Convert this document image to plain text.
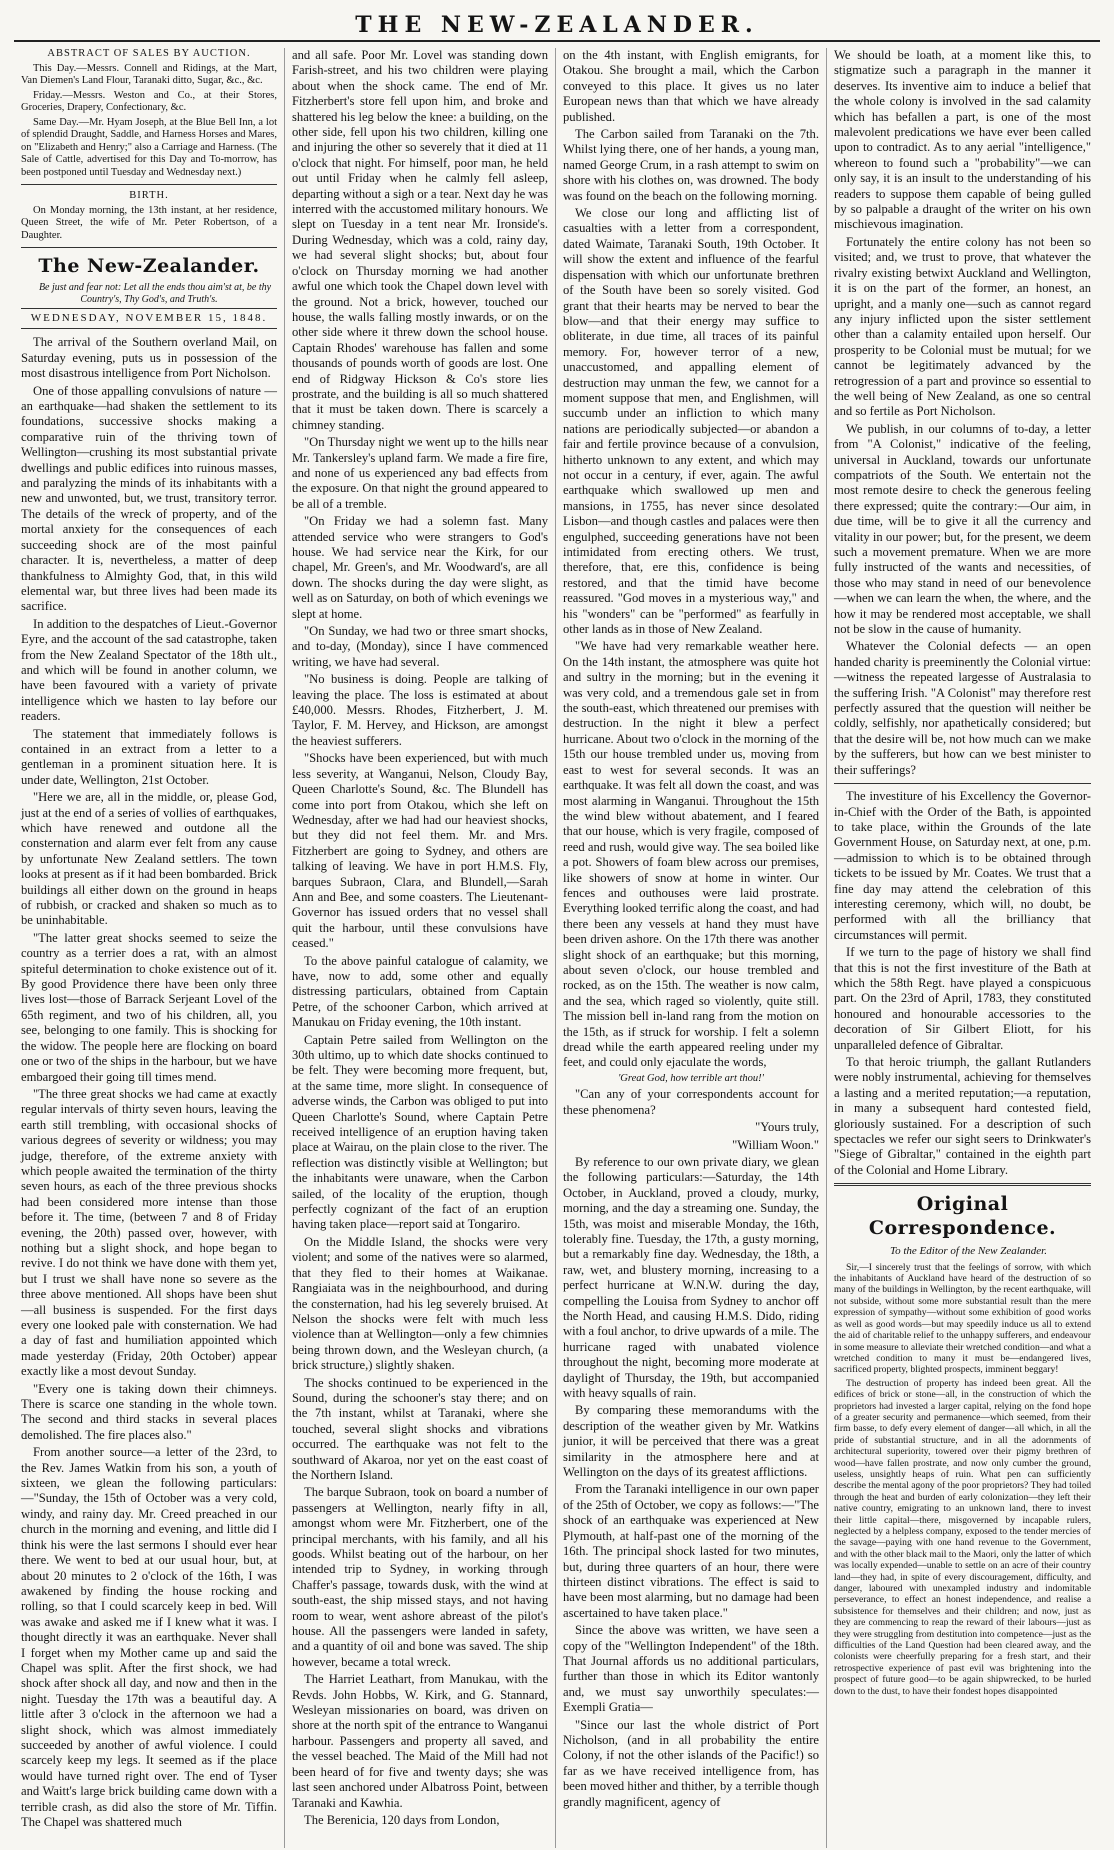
THE NEW-ZEALANDER.

ABSTRACT OF SALES BY AUCTION.

This Day.—Messrs. Connell and Ridings, at the Mart, Van Diemen's Land Flour, Taranaki ditto, Sugar, &c., &c.

Friday.—Messrs. Weston and Co., at their Stores, Groceries, Drapery, Confectionary, &c.

Same Day.—Mr. Hyam Joseph, at the Blue Bell Inn, a lot of splendid Draught, Saddle, and Harness Horses and Mares, on "Elizabeth and Henry;" also a Carriage and Harness. (The Sale of Cattle, advertised for this Day and To-morrow, has been postponed until Tuesday and Wednesday next.)

BIRTH.

On Monday morning, the 13th instant, at her residence, Queen Street, the wife of Mr. Peter Robertson, of a Daughter.

The New-Zealander.

Be just and fear not: Let all the ends thou aim'st at, be thy Country's, Thy God's, and Truth's.

WEDNESDAY, NOVEMBER 15, 1848.

The arrival of the Southern overland Mail, on Saturday evening, puts us in possession of the most disastrous intelligence from Port Nicholson.

One of those appalling convulsions of nature —an earthquake—had shaken the settlement to its foundations, successive shocks making a comparative ruin of the thriving town of Wellington—crushing its most substantial private dwellings and public edifices into ruinous masses, and paralyzing the minds of its inhabitants with a new and unwonted, but, we trust, transitory terror. The details of the wreck of property, and of the mortal anxiety for the consequences of each succeeding shock are of the most painful character. It is, nevertheless, a matter of deep thankfulness to Almighty God, that, in this wild elemental war, but three lives had been made its sacrifice.

In addition to the despatches of Lieut.-Governor Eyre, and the account of the sad catastrophe, taken from the New Zealand Spectator of the 18th ult., and which will be found in another column, we have been favoured with a variety of private intelligence which we hasten to lay before our readers.

The statement that immediately follows is contained in an extract from a letter to a gentleman in a prominent situation here. It is under date, Wellington, 21st October.

"Here we are, all in the middle, or, please God, just at the end of a series of vollies of earthquakes, which have renewed and outdone all the consternation and alarm ever felt from any cause by unfortunate New Zealand settlers. The town looks at present as if it had been bombarded. Brick buildings all either down on the ground in heaps of rubbish, or cracked and shaken so much as to be uninhabitable.

"The latter great shocks seemed to seize the country as a terrier does a rat, with an almost spiteful determination to choke existence out of it. By good Providence there have been only three lives lost—those of Barrack Serjeant Lovel of the 65th regiment, and two of his children, all, you see, belonging to one family. This is shocking for the widow. The people here are flocking on board one or two of the ships in the harbour, but we have embargoed their going till times mend.

"The three great shocks we had came at exactly regular intervals of thirty seven hours, leaving the earth still trembling, with occasional shocks of various degrees of severity or wildness; you may judge, therefore, of the extreme anxiety with which people awaited the termination of the thirty seven hours, as each of the three previous shocks had been considered more intense than those before it. The time, (between 7 and 8 of Friday evening, the 20th) passed over, however, with nothing but a slight shock, and hope began to revive. I do not think we have done with them yet, but I trust we shall have none so severe as the three above mentioned. All shops have been shut—all business is suspended. For the first days every one looked pale with consternation. We had a day of fast and humiliation appointed which made yesterday (Friday, 20th October) appear exactly like a most devout Sunday.

"Every one is taking down their chimneys. There is scarce one standing in the whole town. The second and third stacks in several places demolished. The fire places also."

From another source—a letter of the 23rd, to the Rev. James Watkin from his son, a youth of sixteen, we glean the following particulars:—"Sunday, the 15th of October was a very cold, windy, and rainy day. Mr. Creed preached in our church in the morning and evening, and little did I think his were the last sermons I should ever hear there. We went to bed at our usual hour, but, at about 20 minutes to 2 o'clock of the 16th, I was awakened by finding the house rocking and rolling, so that I could scarcely keep in bed. Will was awake and asked me if I knew what it was. I thought directly it was an earthquake. Never shall I forget when my Mother came up and said the Chapel was split. After the first shock, we had shock after shock all day, and now and then in the night. Tuesday the 17th was a beautiful day. A little after 3 o'clock in the afternoon we had a slight shock, which was almost immediately succeeded by another of awful violence. I could scarcely keep my legs. It seemed as if the place would have turned right over. The end of Tyser and Waitt's large brick building came down with a terrible crash, as did also the store of Mr. Tiffin. The Chapel was shattered much

and all safe. Poor Mr. Lovel was standing down Farish-street, and his two children were playing about when the shock came. The end of Mr. Fitzherbert's store fell upon him, and broke and shattered his leg below the knee: a building, on the other side, fell upon his two children, killing one and injuring the other so severely that it died at 11 o'clock that night. For himself, poor man, he held out until Friday when he calmly fell asleep, departing without a sigh or a tear. Next day he was interred with the accustomed military honours. We slept on Tuesday in a tent near Mr. Ironside's. During Wednesday, which was a cold, rainy day, we had several slight shocks; but, about four o'clock on Thursday morning we had another awful one which took the Chapel down level with the ground. Not a brick, however, touched our house, the walls falling mostly inwards, or on the other side where it threw down the school house. Captain Rhodes' warehouse has fallen and some thousands of pounds worth of goods are lost. One end of Ridgway Hickson & Co's store lies prostrate, and the building is all so much shattered that it must be taken down. There is scarcely a chimney standing.

"On Thursday night we went up to the hills near Mr. Tankersley's upland farm. We made a fire fire, and none of us experienced any bad effects from the exposure. On that night the ground appeared to be all of a tremble.

"On Friday we had a solemn fast. Many attended service who were strangers to God's house. We had service near the Kirk, for our chapel, Mr. Green's, and Mr. Woodward's, are all down. The shocks during the day were slight, as well as on Saturday, on both of which evenings we slept at home.

"On Sunday, we had two or three smart shocks, and to-day, (Monday), since I have commenced writing, we have had several.

"No business is doing. People are talking of leaving the place. The loss is estimated at about £40,000. Messrs. Rhodes, Fitzherbert, J. M. Taylor, F. M. Hervey, and Hickson, are amongst the heaviest sufferers.

"Shocks have been experienced, but with much less severity, at Wanganui, Nelson, Cloudy Bay, Queen Charlotte's Sound, &c. The Blundell has come into port from Otakou, which she left on Wednesday, after we had had our heaviest shocks, but they did not feel them. Mr. and Mrs. Fitzherbert are going to Sydney, and others are talking of leaving. We have in port H.M.S. Fly, barques Subraon, Clara, and Blundell,—Sarah Ann and Bee, and some coasters. The Lieutenant-Governor has issued orders that no vessel shall quit the harbour, until these convulsions have ceased."

To the above painful catalogue of calamity, we have, now to add, some other and equally distressing particulars, obtained from Captain Petre, of the schooner Carbon, which arrived at Manukau on Friday evening, the 10th instant.

Captain Petre sailed from Wellington on the 30th ultimo, up to which date shocks continued to be felt. They were becoming more frequent, but, at the same time, more slight. In consequence of adverse winds, the Carbon was obliged to put into Queen Charlotte's Sound, where Captain Petre received intelligence of an eruption having taken place at Wairau, on the plain close to the river. The reflection was distinctly visible at Wellington; but the inhabitants were unaware, when the Carbon sailed, of the locality of the eruption, though perfectly cognizant of the fact of an eruption having taken place—report said at Tongariro.

On the Middle Island, the shocks were very violent; and some of the natives were so alarmed, that they fled to their homes at Waikanae. Rangiaiata was in the neighbourhood, and during the consternation, had his leg severely bruised. At Nelson the shocks were felt with much less violence than at Wellington—only a few chimnies being thrown down, and the Wesleyan church, (a brick structure,) slightly shaken.

The shocks continued to be experienced in the Sound, during the schooner's stay there; and on the 7th instant, whilst at Taranaki, where she touched, several slight shocks and vibrations occurred. The earthquake was not felt to the southward of Akaroa, nor yet on the east coast of the Northern Island.

The barque Subraon, took on board a number of passengers at Wellington, nearly fifty in all, amongst whom were Mr. Fitzherbert, one of the principal merchants, with his family, and all his goods. Whilst beating out of the harbour, on her intended trip to Sydney, in working through Chaffer's passage, towards dusk, with the wind at south-east, the ship missed stays, and not having room to wear, went ashore abreast of the pilot's house. All the passengers were landed in safety, and a quantity of oil and bone was saved. The ship however, became a total wreck.

The Harriet Leathart, from Manukau, with the Revds. John Hobbs, W. Kirk, and G. Stannard, Wesleyan missionaries on board, was driven on shore at the north spit of the entrance to Wanganui harbour. Passengers and property all saved, and the vessel beached. The Maid of the Mill had not been heard of for five and twenty days; she was last seen anchored under Albatross Point, between Taranaki and Kawhia.

The Berenicia, 120 days from London,

on the 4th instant, with English emigrants, for Otakou. She brought a mail, which the Carbon conveyed to this place. It gives us no later European news than that which we have already published.

The Carbon sailed from Taranaki on the 7th. Whilst lying there, one of her hands, a young man, named George Crum, in a rash attempt to swim on shore with his clothes on, was drowned. The body was found on the beach on the following morning.

We close our long and afflicting list of casualties with a letter from a correspondent, dated Waimate, Taranaki South, 19th October. It will show the extent and influence of the fearful dispensation with which our unfortunate brethren of the South have been so sorely visited. God grant that their hearts may be nerved to bear the blow—and that their energy may suffice to obliterate, in due time, all traces of its painful memory. For, however terror of a new, unaccustomed, and appalling element of destruction may unman the few, we cannot for a moment suppose that men, and Englishmen, will succumb under an infliction to which many nations are periodically subjected—or abandon a fair and fertile province because of a convulsion, hitherto unknown to any extent, and which may not occur in a century, if ever, again. The awful earthquake which swallowed up men and mansions, in 1755, has never since desolated Lisbon—and though castles and palaces were then engulphed, succeeding generations have not been intimidated from erecting others. We trust, therefore, that, ere this, confidence is being restored, and that the timid have become reassured. "God moves in a mysterious way," and his "wonders" can be "performed" as fearfully in other lands as in those of New Zealand.

"We have had very remarkable weather here. On the 14th instant, the atmosphere was quite hot and sultry in the morning; but in the evening it was very cold, and a tremendous gale set in from the south-east, which threatened our premises with destruction. In the night it blew a perfect hurricane. About two o'clock in the morning of the 15th our house trembled under us, moving from east to west for several seconds. It was an earthquake. It was felt all down the coast, and was most alarming in Wanganui. Throughout the 15th the wind blew without abatement, and I feared that our house, which is very fragile, composed of reed and rush, would give way. The sea boiled like a pot. Showers of foam blew across our premises, like showers of snow at home in winter. Our fences and outhouses were laid prostrate. Everything looked terrific along the coast, and had there been any vessels at hand they must have been driven ashore. On the 17th there was another slight shock of an earthquake; but this morning, about seven o'clock, our house trembled and rocked, as on the 15th. The weather is now calm, and the sea, which raged so violently, quite still. The mission bell in-land rang from the motion on the 15th, as if struck for worship. I felt a solemn dread while the earth appeared reeling under my feet, and could only ejaculate the words,

'Great God, how terrible art thou!'

"Can any of your correspondents account for these phenomena?

"Yours truly,

"William Woon."

By reference to our own private diary, we glean the following particulars:—Saturday, the 14th October, in Auckland, proved a cloudy, murky, morning, and the day a streaming one. Sunday, the 15th, was moist and miserable Monday, the 16th, tolerably fine. Tuesday, the 17th, a gusty morning, but a remarkably fine day. Wednesday, the 18th, a raw, wet, and blustery morning, increasing to a perfect hurricane at W.N.W. during the day, compelling the Louisa from Sydney to anchor off the North Head, and causing H.M.S. Dido, riding with a foul anchor, to drive upwards of a mile. The hurricane raged with unabated violence throughout the night, becoming more moderate at daylight of Thursday, the 19th, but accompanied with heavy squalls of rain.

By comparing these memorandums with the description of the weather given by Mr. Watkins junior, it will be perceived that there was a great similarity in the atmosphere here and at Wellington on the days of its greatest afflictions.

From the Taranaki intelligence in our own paper of the 25th of October, we copy as follows:—"The shock of an earthquake was experienced at New Plymouth, at half-past one of the morning of the 16th. The principal shock lasted for two minutes, but, during three quarters of an hour, there were thirteen distinct vibrations. The effect is said to have been most alarming, but no damage had been ascertained to have taken place."

Since the above was written, we have seen a copy of the "Wellington Independent" of the 18th. That Journal affords us no additional particulars, further than those in which its Editor wantonly and, we must say unworthily speculates:—Exempli Gratia—

"Since our last the whole district of Port Nicholson, (and in all probability the entire Colony, if not the other islands of the Pacific!) so far as we have received intelligence from, has been moved hither and thither, by a terrible though grandly magnificent, agency of

We should be loath, at a moment like this, to stigmatize such a paragraph in the manner it deserves. Its inventive aim to induce a belief that the whole colony is involved in the sad calamity which has befallen a part, is one of the most malevolent predications we have ever been called upon to contradict. As to any aerial "intelligence," whereon to found such a "probability"—we can only say, it is an insult to the understanding of his readers to suppose them capable of being gulled by so palpable a draught of the writer on his own mischievous imagination.

Fortunately the entire colony has not been so visited; and, we trust to prove, that whatever the rivalry existing betwixt Auckland and Wellington, it is on the part of the former, an honest, an upright, and a manly one—such as cannot regard any injury inflicted upon the sister settlement other than a calamity entailed upon herself. Our prosperity to be Colonial must be mutual; for we cannot be legitimately advanced by the retrogression of a part and province so essential to the well being of New Zealand, as one so central and so fertile as Port Nicholson.

We publish, in our columns of to-day, a letter from "A Colonist," indicative of the feeling, universal in Auckland, towards our unfortunate compatriots of the South. We entertain not the most remote desire to check the generous feeling there expressed; quite the contrary:—Our aim, in due time, will be to give it all the currency and vitality in our power; but, for the present, we deem such a movement premature. When we are more fully instructed of the wants and necessities, of those who may stand in need of our benevolence—when we can learn the when, the where, and the how it may be rendered most acceptable, we shall not be slow in the cause of humanity.

Whatever the Colonial defects — an open handed charity is preeminently the Colonial virtue:—witness the repeated largesse of Australasia to the suffering Irish. "A Colonist" may therefore rest perfectly assured that the question will neither be coldly, selfishly, nor apathetically considered; but that the desire will be, not how much can we make by the sufferers, but how can we best minister to their sufferings?

The investiture of his Excellency the Governor-in-Chief with the Order of the Bath, is appointed to take place, within the Grounds of the late Government House, on Saturday next, at one, p.m.—admission to which is to be obtained through tickets to be issued by Mr. Coates. We trust that a fine day may attend the celebration of this interesting ceremony, which will, no doubt, be performed with all the brilliancy that circumstances will permit.

If we turn to the page of history we shall find that this is not the first investiture of the Bath at which the 58th Regt. have played a conspicuous part. On the 23rd of April, 1783, they constituted honoured and honourable accessories to the decoration of Sir Gilbert Eliott, for his unparalleled defence of Gibraltar.

To that heroic triumph, the gallant Rutlanders were nobly instrumental, achieving for themselves a lasting and a merited reputation;—a reputation, in many a subsequent hard contested field, gloriously sustained. For a description of such spectacles we refer our sight seers to Drinkwater's "Siege of Gibraltar," contained in the eighth part of the Colonial and Home Library.

Original Correspondence.

To the Editor of the New Zealander.

Sir,—I sincerely trust that the feelings of sorrow, with which the inhabitants of Auckland have heard of the destruction of so many of the buildings in Wellington, by the recent earthquake, will not subside, without some more substantial result than the mere expression of sympathy—without some exhibition of good works as well as good words—but may speedily induce us all to extend the aid of charitable relief to the unhappy sufferers, and endeavour in some measure to alleviate their wretched condition—and what a wretched condition to many it must be—endangered lives, sacrificed property, blighted prospects, imminent beggary!

The destruction of property has indeed been great. All the edifices of brick or stone—all, in the construction of which the proprietors had invested a larger capital, relying on the fond hope of a greater security and permanence—which seemed, from their firm basse, to defy every element of danger—all which, in all the pride of substantial structure, and in all the adornments of architectural superiority, towered over their pigmy brethren of wood—have fallen prostrate, and now only cumber the ground, useless, unsightly heaps of ruin. What pen can sufficiently describe the mental agony of the poor proprietors? They had toiled through the heat and burden of early colonization—they left their native country, emigrating to an unknown land, there to invest their little capital—there, misgoverned by incapable rulers, neglected by a helpless company, exposed to the tender mercies of the savage—paying with one hand revenue to the Government, and with the other black mail to the Maori, only the latter of which was locally expended—unable to settle on an acre of their country land—they had, in spite of every discouragement, difficulty, and danger, laboured with unexampled industry and indomitable perseverance, to effect an honest independence, and realise a subsistence for themselves and their children; and now, just as they are commencing to reap the reward of their labours—just as they were struggling from destitution into competence—just as the difficulties of the Land Question had been cleared away, and the colonists were cheerfully preparing for a fresh start, and their retrospective experience of past evil was brightening into the prospect of future good—to be again shipwrecked, to be hurled down to the dust, to have their fondest hopes disappointed
